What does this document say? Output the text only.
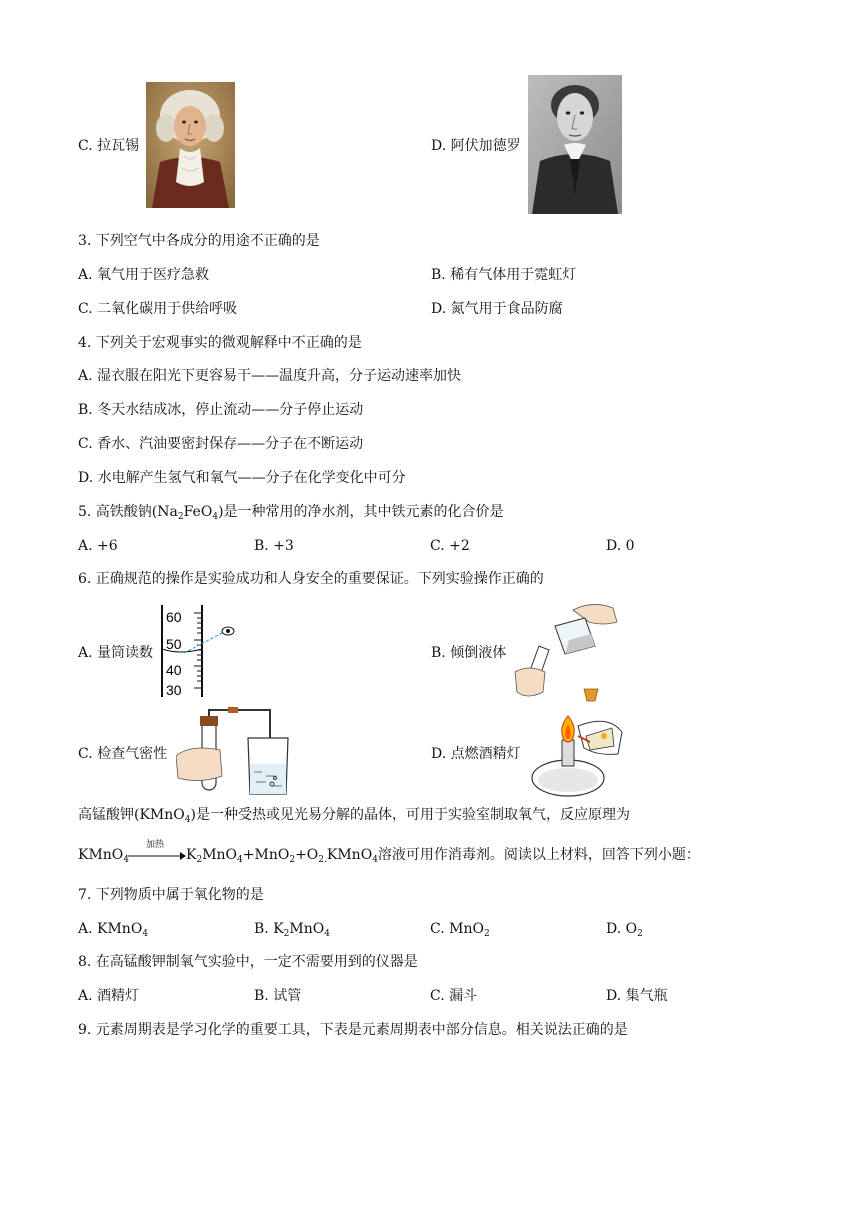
C. 拉瓦锡	D. 阿伏加德罗
3. 下列空气中各成分的用途不正确的是
A. 氧气用于医疗急救	B. 稀有气体用于霓虹灯
C. 二氧化碳用于供给呼吸	D. 氮气用于食品防腐
4. 下列关于宏观事实的微观解释中不正确的是
A. 湿衣服在阳光下更容易干——温度升高，分子运动速率加快
B. 冬天水结成冰，停止流动——分子停止运动
C. 香水、汽油要密封保存——分子在不断运动
D. 水电解产生氢气和氧气——分子在化学变化中可分
5. 高铁酸钠$(Na_2FeO_4)$是一种常用的净水剂，其中铁元素的化合价是
A. +6	B. +3	C. +2	D. 0
6. 正确规范的操作是实验成功和人身安全的重要保证。下列实验操作正确的
A. 量筒读数
60
50
40
30
B. 倾倒液体
C. 检查气密性	D. 点燃酒精灯
高锰酸钾(KMnO$_4$)是一种受热或见光易分解的晶体，可用于实验室制取氧气，反应原理为
KMnO$_4$
加热
$K_2MnO_4+MnO_2+O_{2.}KMnO_4$溶液可用作消毒剂。阅读以上材料，回答下列小题：
7. 下列物质中属于氧化物的是
A. KMnO$_4$	B. $K_2MnO_4$	C. MnO$_2$	D. $O_2$
8. 在高锰酸钾制氧气实验中，一定不需要用到的仪器是
A. 酒精灯	B. 试管	C. 漏斗	D. 集气瓶
9. 元素周期表是学习化学的重要工具，下表是元素周期表中部分信息。相关说法正确的是
